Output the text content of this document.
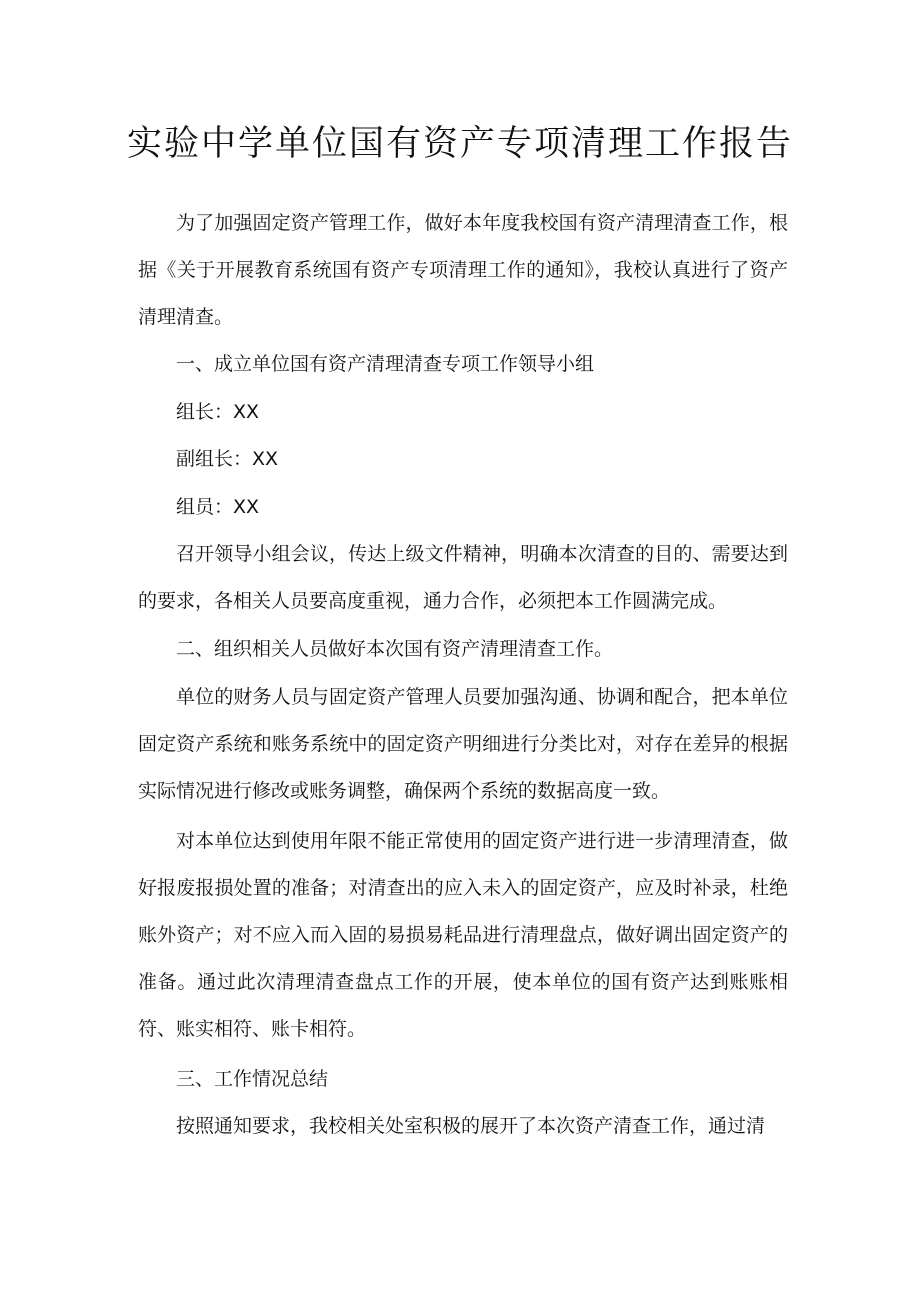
实验中学单位国有资产专项清理工作报告

为了加强固定资产管理工作，做好本年度我校国有资产清理清查工作，根据《关于开展教育系统国有资产专项清理工作的通知》，我校认真进行了资产清理清查。

一、成立单位国有资产清理清查专项工作领导小组

组长：XX

副组长：XX

组员：XX

召开领导小组会议，传达上级文件精神，明确本次清查的目的、需要达到的要求，各相关人员要高度重视，通力合作，必须把本工作圆满完成。

二、组织相关人员做好本次国有资产清理清查工作。

单位的财务人员与固定资产管理人员要加强沟通、协调和配合，把本单位固定资产系统和账务系统中的固定资产明细进行分类比对，对存在差异的根据实际情况进行修改或账务调整，确保两个系统的数据高度一致。

对本单位达到使用年限不能正常使用的固定资产进行进一步清理清查，做好报废报损处置的准备；对清查出的应入未入的固定资产，应及时补录，杜绝账外资产；对不应入而入固的易损易耗品进行清理盘点，做好调出固定资产的准备。通过此次清理清查盘点工作的开展，使本单位的国有资产达到账账相符、账实相符、账卡相符。

三、工作情况总结

按照通知要求，我校相关处室积极的展开了本次资产清查工作，通过清
